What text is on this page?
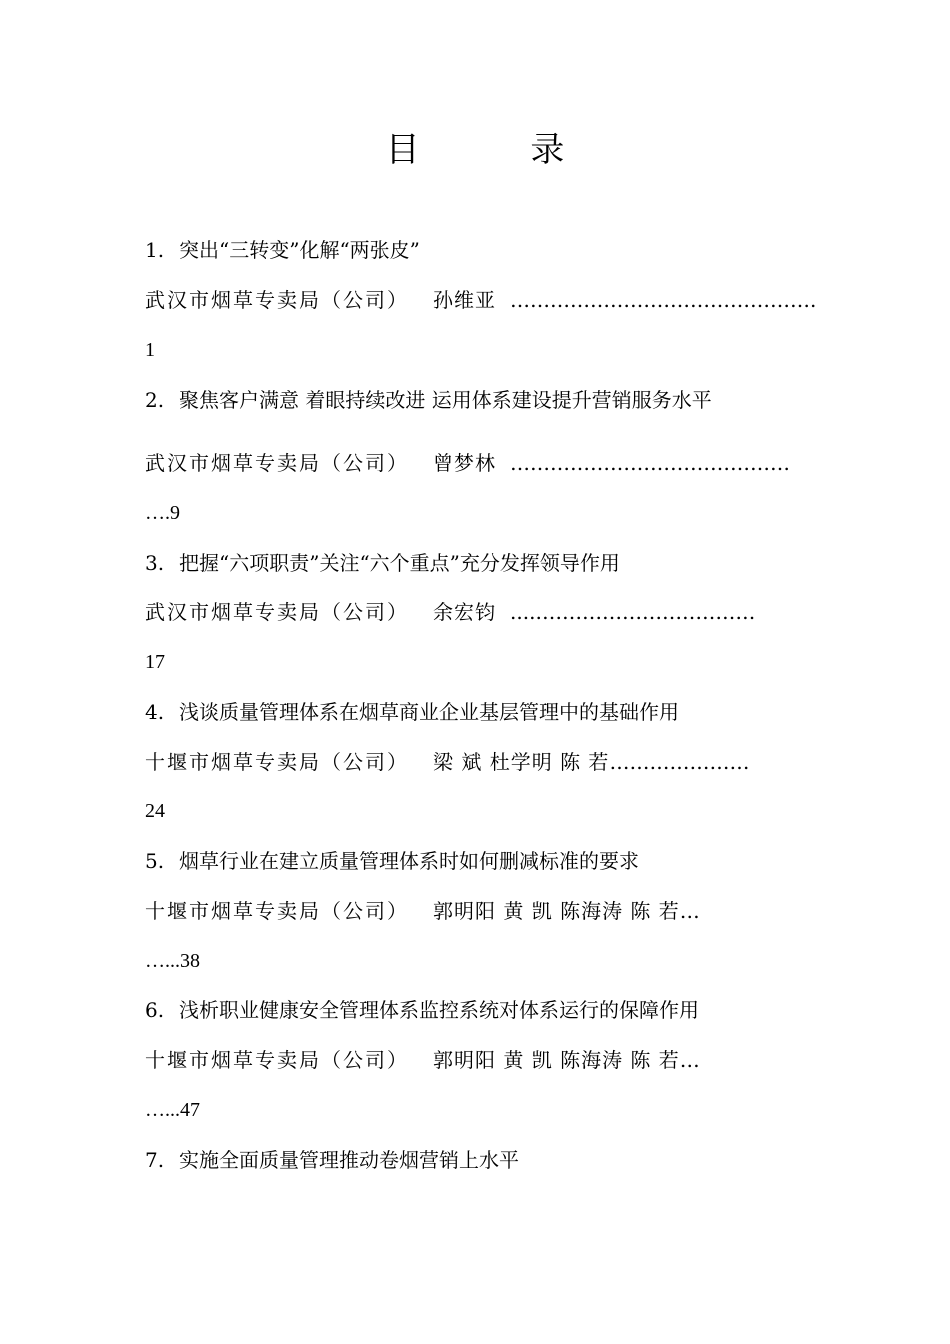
目 录
1. 突出“三转变”化解“两张皮”
武汉市烟草专卖局（公司） 孙维亚 ……………………………………….
1
2. 聚焦客户满意 着眼持续改进 运用体系建设提升营销服务水平
武汉市烟草专卖局（公司） 曾梦林 ……………………………………
….9
3. 把握“六项职责”关注“六个重点”充分发挥领导作用
武汉市烟草专卖局（公司） 余宏钧 ....……………………………
17
4. 浅谈质量管理体系在烟草商业企业基层管理中的基础作用
十堰市烟草专卖局（公司） 梁 斌 杜学明 陈 若…………………
24
5. 烟草行业在建立质量管理体系时如何删减标准的要求
十堰市烟草专卖局（公司） 郭明阳 黄 凯 陈海涛 陈 若…
…...38
6. 浅析职业健康安全管理体系监控系统对体系运行的保障作用
十堰市烟草专卖局（公司） 郭明阳 黄 凯 陈海涛 陈 若…
…...47
7. 实施全面质量管理推动卷烟营销上水平
